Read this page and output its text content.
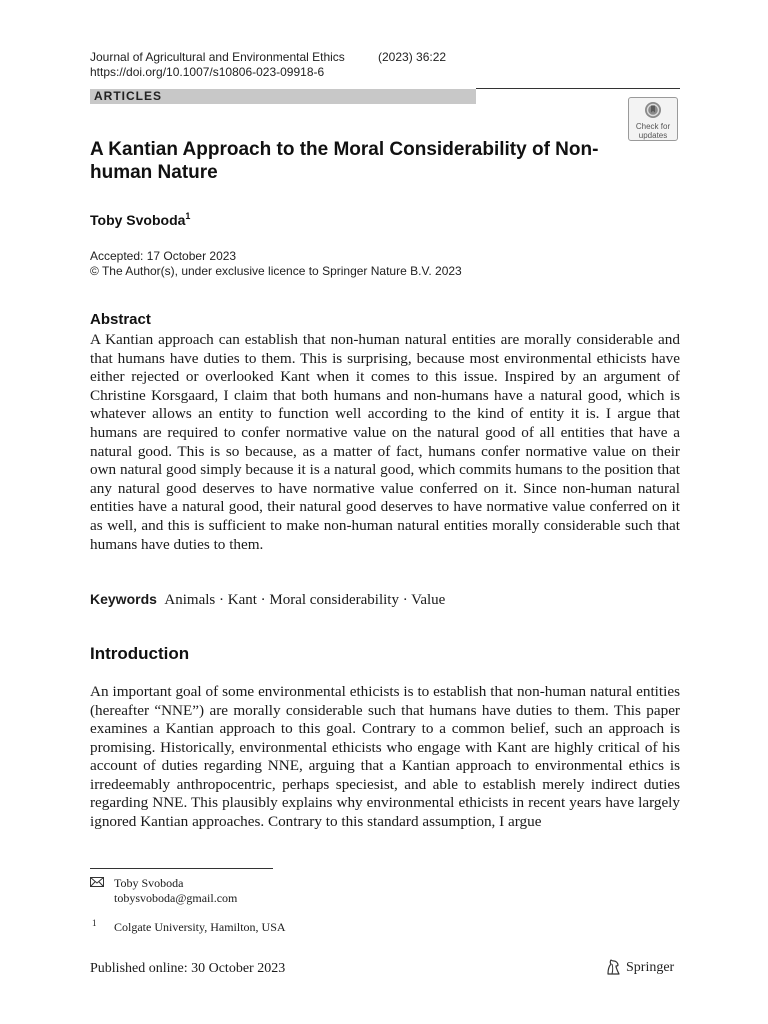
Journal of Agricultural and Environmental Ethics	(2023) 36:22
https://doi.org/10.1007/s10806-023-09918-6
ARTICLES
Check for
updates
A Kantian Approach to the Moral Considerability of Non-human Nature
Toby Svoboda$^1$
Accepted: 17 October 2023
© The Author(s), under exclusive licence to Springer Nature B.V. 2023
Abstract

A Kantian approach can establish that non-human natural entities are morally considerable and that humans have duties to them. This is surprising, because most environmental ethicists have either rejected or overlooked Kant when it comes to this issue. Inspired by an argument of Christine Korsgaard, I claim that both humans and non-humans have a natural good, which is whatever allows an entity to function well according to the kind of entity it is. I argue that humans are required to confer normative value on the natural good of all entities that have a natural good. This is so because, as a matter of fact, humans confer normative value on their own natural good simply because it is a natural good, which commits humans to the position that any natural good deserves to have normative value conferred on it. Since non-human natural entities have a natural good, their natural good deserves to have normative value conferred on it as well, and this is sufficient to make non-human natural entities morally considerable such that humans have duties to them.

Keywords Animals · Kant · Moral considerability · Value
Introduction

An important goal of some environmental ethicists is to establish that non-human natural entities (hereafter “NNE”) are morally considerable such that humans have duties to them. This paper examines a Kantian approach to this goal. Contrary to a common belief, such an approach is promising. Historically, environmental ethicists who engage with Kant are highly critical of his account of duties regarding NNE, arguing that a Kantian approach to environmental ethics is irredeemably anthropocentric, perhaps speciesist, and able to establish merely indirect duties regarding NNE. This plausibly explains why environmental ethicists in recent years have largely ignored Kantian approaches. Contrary to this standard assumption, I argue

Toby Svoboda
tobysvoboda@gmail.com
1 Colgate University, Hamilton, USA
Published online: 30 October 2023	Springer
